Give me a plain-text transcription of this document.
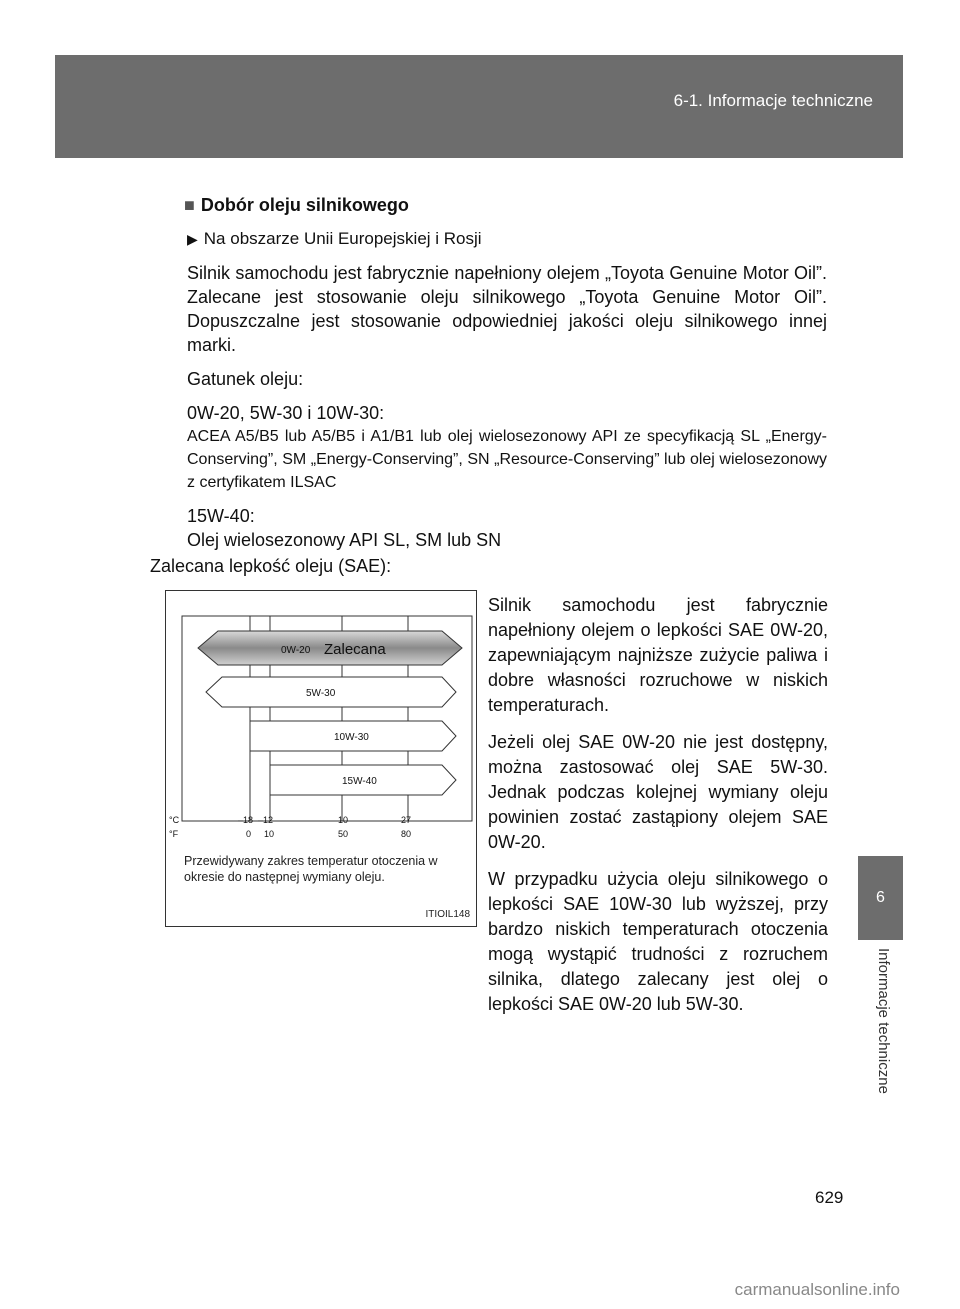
6-1. Informacje techniczne
6
Informacje techniczne
■ Dobór oleju silnikowego
▶ Na obszarze Unii Europejskiej i Rosji
Silnik samochodu jest fabrycznie napełniony olejem „Toyota Genuine Motor Oil”. Zalecane jest stosowanie oleju silnikowego „Toyota Genuine Motor Oil”. Dopuszczalne jest stosowanie odpowiedniej jakości oleju silnikowego innej marki.
Gatunek oleju:
0W-20, 5W-30 i 10W-30:
ACEA A5/B5 lub A5/B5 i A1/B1 lub olej wielosezonowy API ze specyfikacją SL „Energy-Conserving”, SM „Energy-Conserving”, SN „Resource-Conserving” lub olej wielosezonowy z certyfikatem ILSAC
15W-40:
Olej wielosezonowy API SL, SM lub SN
Zalecana lepkość oleju (SAE):
0W-20 Zalecana
5W-30
10W-30
15W-40
°C
°F
–18 –12	10	27
0 10	50	80
Przewidywany zakres temperatur otoczenia w okresie do następnej wymiany oleju.
ITIOIL148

Silnik samochodu jest fabrycznie napełniony olejem o lepkości SAE 0W-20, zapewniającym najniższe zużycie paliwa i dobre własności rozruchowe w niskich temperaturach.

Jeżeli olej SAE 0W-20 nie jest dostępny, można zastosować olej SAE 5W-30. Jednak podczas kolejnej wymiany oleju powinien zostać zastąpiony olejem SAE 0W-20.

W przypadku użycia oleju silnikowego o lepkości SAE 10W-30 lub wyższej, przy bardzo niskich temperaturach otoczenia mogą wystąpić trudności z rozruchem silnika, dlatego zalecany jest olej o lepkości SAE 0W-20 lub 5W-30.

629
carmanualsonline.info
